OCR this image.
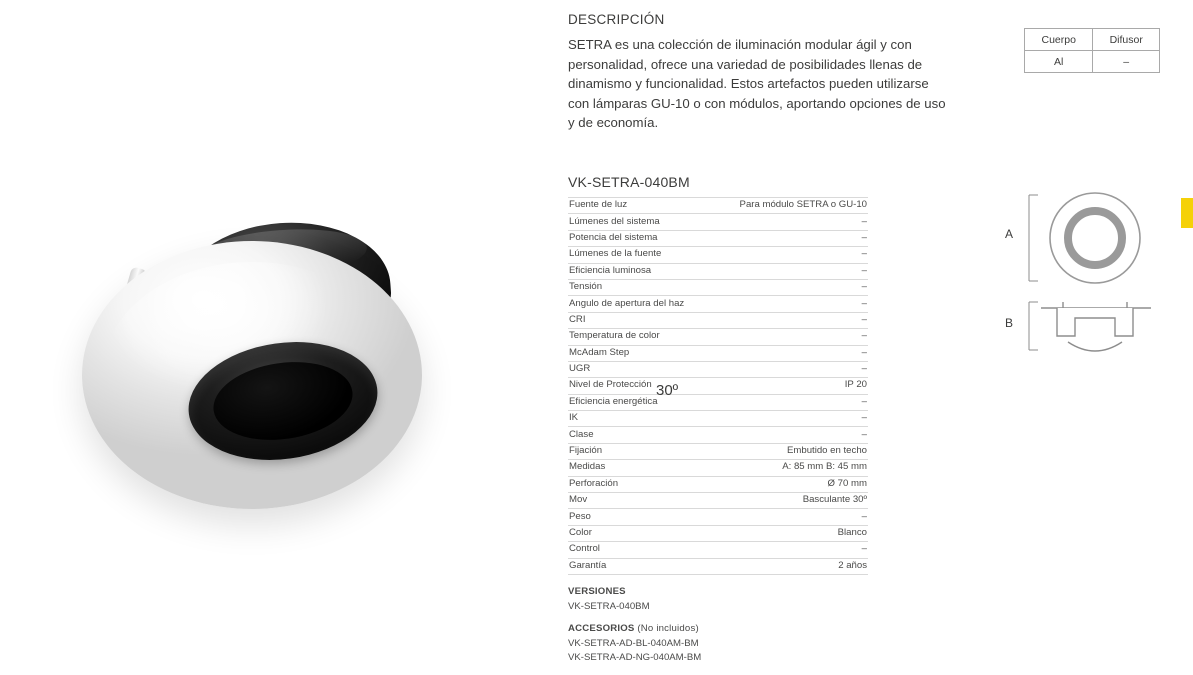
DESCRIPCIÓN
SETRA es una colección de iluminación modular ágil y con personalidad, ofrece una variedad de posibilidades llenas de dinamismo y funcionalidad. Estos artefactos pueden utilizarse con lámparas GU-10 o con módulos, aportando opciones de uso y de economía.
Cuerpo	Difusor
Al	–
VK-SETRA-040BM
Fuente de luz	Para módulo SETRA o GU-10
Lúmenes del sistema	–
Potencia del sistema	–
Lúmenes de la fuente	–
Eficiencia luminosa	–
Tensión	–
Angulo de apertura del haz	–
CRI	–
Temperatura de color	–
McAdam Step	–
UGR	–
Nivel de Protección	IP 20
Eficiencia energética	–
IK	–
Clase	–
Fijación	Embutido en techo
Medidas	A: 85 mm B: 45 mm
Perforación	Ø 70 mm
Mov	Basculante 30º
Peso	–
Color	Blanco
Control	–
Garantía	2 años
VERSIONES
VK-SETRA-040BM
ACCESORIOS (No incluidos)
VK-SETRA-AD-BL-040AM-BM
VK-SETRA-AD-NG-040AM-BM
A
B
30º
